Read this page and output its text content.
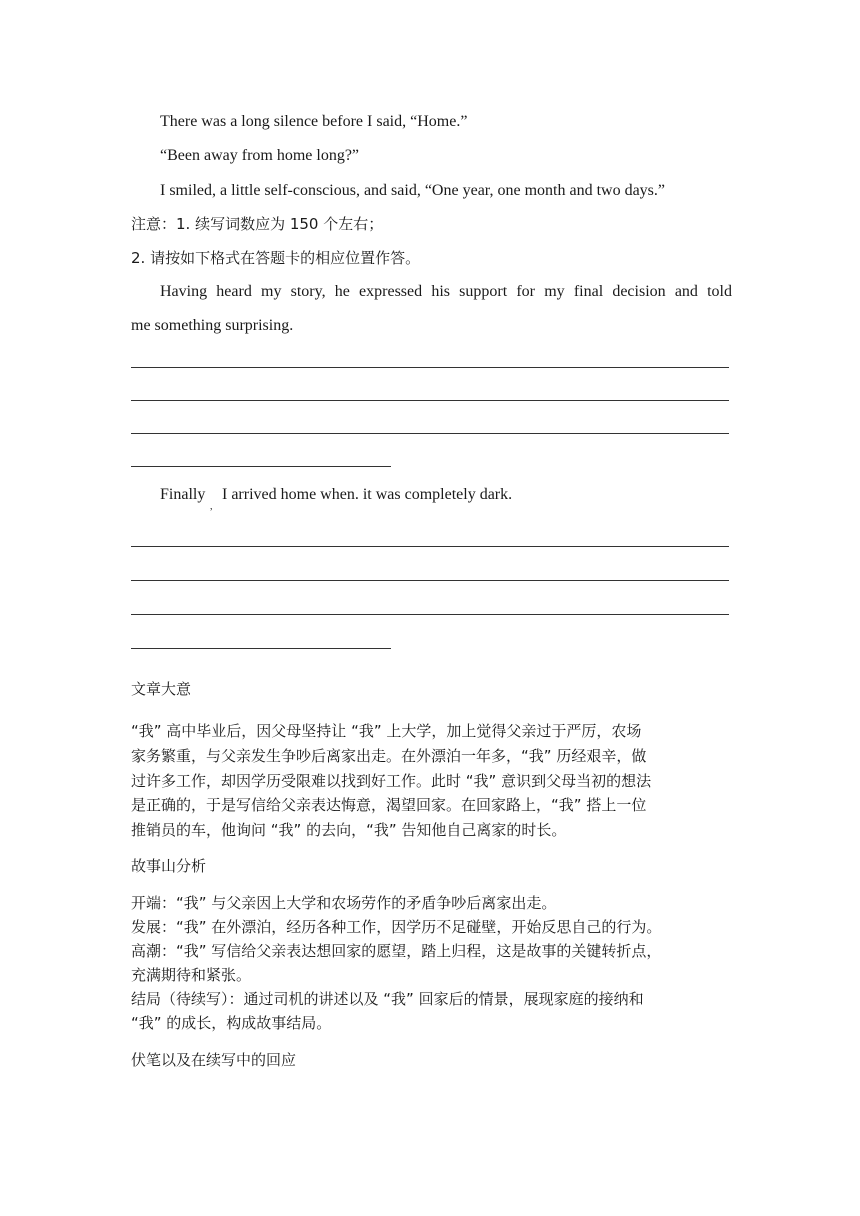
There was a long silence before I said, “Home.”
“Been away from home long?”
I smiled, a little self-conscious, and said, “One year, one month and two days.”
注意：1. 续写词数应为 150 个左右；
2. 请按如下格式在答题卡的相应位置作答。
Having heard my story, he expressed his support for my final decision and told
me something surprising.
Finally
,
I arrived home when. it was completely dark.
文章大意
“我” 高中毕业后，因父母坚持让 “我” 上大学，加上觉得父亲过于严厉，农场
家务繁重，与父亲发生争吵后离家出走。在外漂泊一年多，“我” 历经艰辛，做
过许多工作，却因学历受限难以找到好工作。此时 “我” 意识到父母当初的想法
是正确的，于是写信给父亲表达悔意，渴望回家。在回家路上，“我” 搭上一位
推销员的车，他询问 “我” 的去向，“我” 告知他自己离家的时长。
故事山分析
开端：“我” 与父亲因上大学和农场劳作的矛盾争吵后离家出走。
发展：“我” 在外漂泊，经历各种工作，因学历不足碰壁，开始反思自己的行为。
高潮：“我” 写信给父亲表达想回家的愿望，踏上归程，这是故事的关键转折点，
充满期待和紧张。
结局（待续写）：通过司机的讲述以及 “我” 回家后的情景，展现家庭的接纳和
“我” 的成长，构成故事结局。
伏笔以及在续写中的回应
